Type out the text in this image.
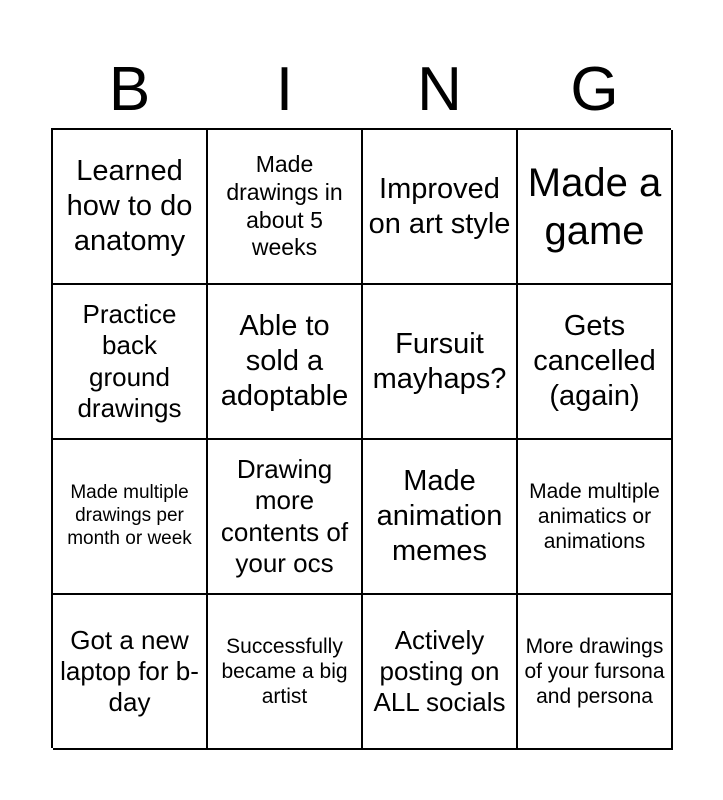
B	I	N	G
Learned how to do anatomy
Made drawings in about 5 weeks
Improved on art style
Made a game
Practice back ground drawings
Able to sold a adoptable
Fursuit mayhaps?
Gets cancelled (again)
Made multiple drawings per month or week
Drawing more contents of your ocs
Made animation memes
Made multiple animatics or animations
Got a new laptop for b-day
Successfully became a big artist
Actively posting on ALL socials
More drawings of your fursona and persona
